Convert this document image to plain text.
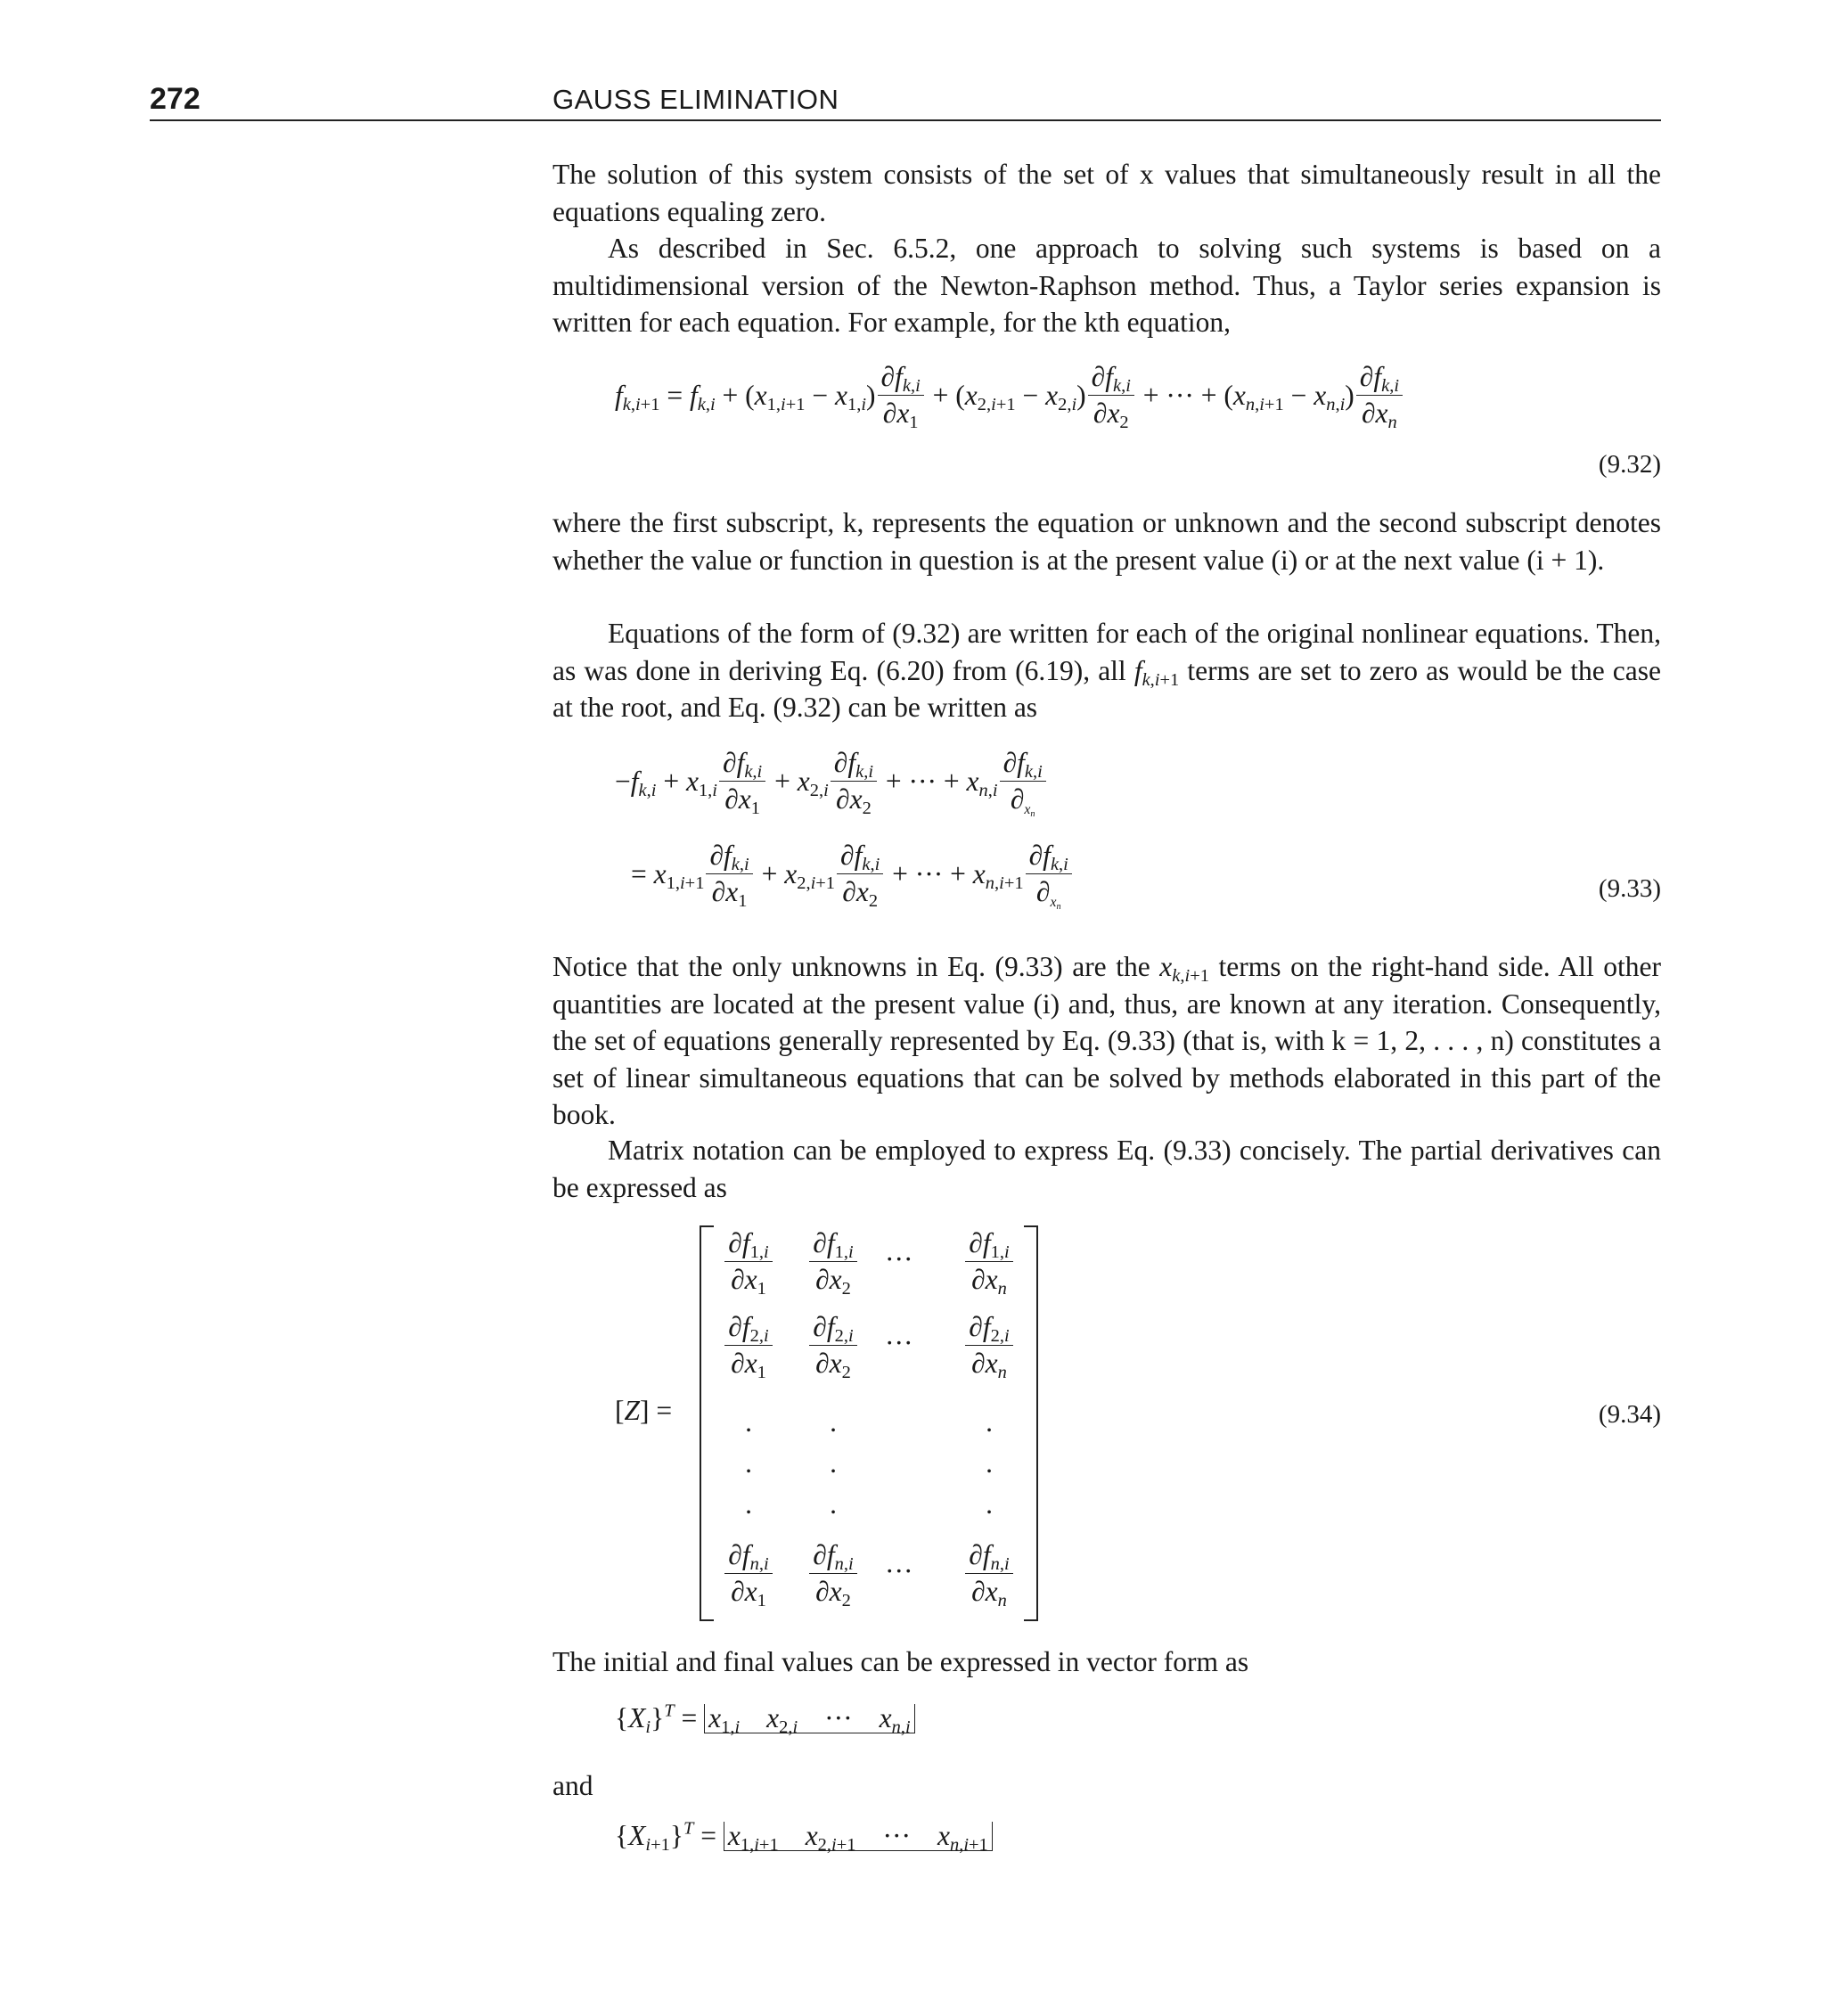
272	GAUSS ELIMINATION

The solution of this system consists of the set of x values that simultaneously result in all the equations equaling zero.

As described in Sec. 6.5.2, one approach to solving such systems is based on a multidimensional version of the Newton-Raphson method. Thus, a Taylor series expansion is written for each equation. For example, for the kth equation,

$f_{k,i+1} = f_{k,i} + (x_{1,i+1} - x_{1,i}) \frac{\partial f_{k,i}}{\partial x_1} + (x_{2,i+1} - x_{2,i}) \frac{\partial f_{k,i}}{\partial x_2}$ + ··· + $(x_{n,i+1} - x_{n,i}) \frac{\partial f_{k,i}}{\partial x_n}$
(9.32)

where the first subscript, k, represents the equation or unknown and the second subscript denotes whether the value or function in question is at the present value (i) or at the next value (i + 1).

Equations of the form of (9.32) are written for each of the original nonlinear equations. Then, as was done in deriving Eq. (6.20) from (6.19), all $f_{k,i+1}$ terms are set to zero as would be the case at the root, and Eq. (9.32) can be written as

$-f_{k,i} + x_{1,i} \frac{\partial f_{k,i}}{\partial x_1} + x_{2,i} \frac{\partial f_{k,i}}{\partial x_2}$ + ··· + $x_{n,i} \frac{\partial f_{k,i}}{\partial x_n}$
= $x_{1,i+1} \frac{\partial f_{k,i}}{\partial x_1} + x_{2,i+1} \frac{\partial f_{k,i}}{\partial x_2}$ + ··· + $x_{n,i+1} \frac{\partial f_{k,i}}{\partial x_n}$	(9.33)

Notice that the only unknowns in Eq. (9.33) are the $x_{k,i+1}$ terms on the right-hand side. All other quantities are located at the present value (i) and, thus, are known at any iteration. Consequently, the set of equations generally represented by Eq. (9.33) (that is, with k = 1, 2, . . . , n) constitutes a set of linear simultaneous equations that can be solved by methods elaborated in this part of the book.

Matrix notation can be employed to express Eq. (9.33) concisely. The partial derivatives can be expressed as

[Z] =
$\frac{\partial f_{1,i}}{\partial x_1} \frac{\partial f_{1,i}}{\partial x_2}$ ··· $\frac{\partial f_{1,i}}{\partial x_n}$
$\frac{\partial f_{2,i}}{\partial x_1} \frac{\partial f_{2,i}}{\partial x_2}$ ··· $\frac{\partial f_{2,i}}{\partial x_n}$
.
.
.
.
.
.
.
.
.
$\frac{\partial f_{n,i}}{\partial x_1} \frac{\partial f_{n,i}}{\partial x_2}$ ··· $\frac{\partial f_{n,i}}{\partial x_n}$
(9.34)

The initial and final values can be expressed in vector form as

$\{X_i\}^T = x_{1,i}$ $x_{2,i}$ ··· $x_{n,i}$

and

$\{X_{i+1}\}^T = x_{1,i+1}$ $x_{2,i+1}$ ··· $x_{n,i+1}$
